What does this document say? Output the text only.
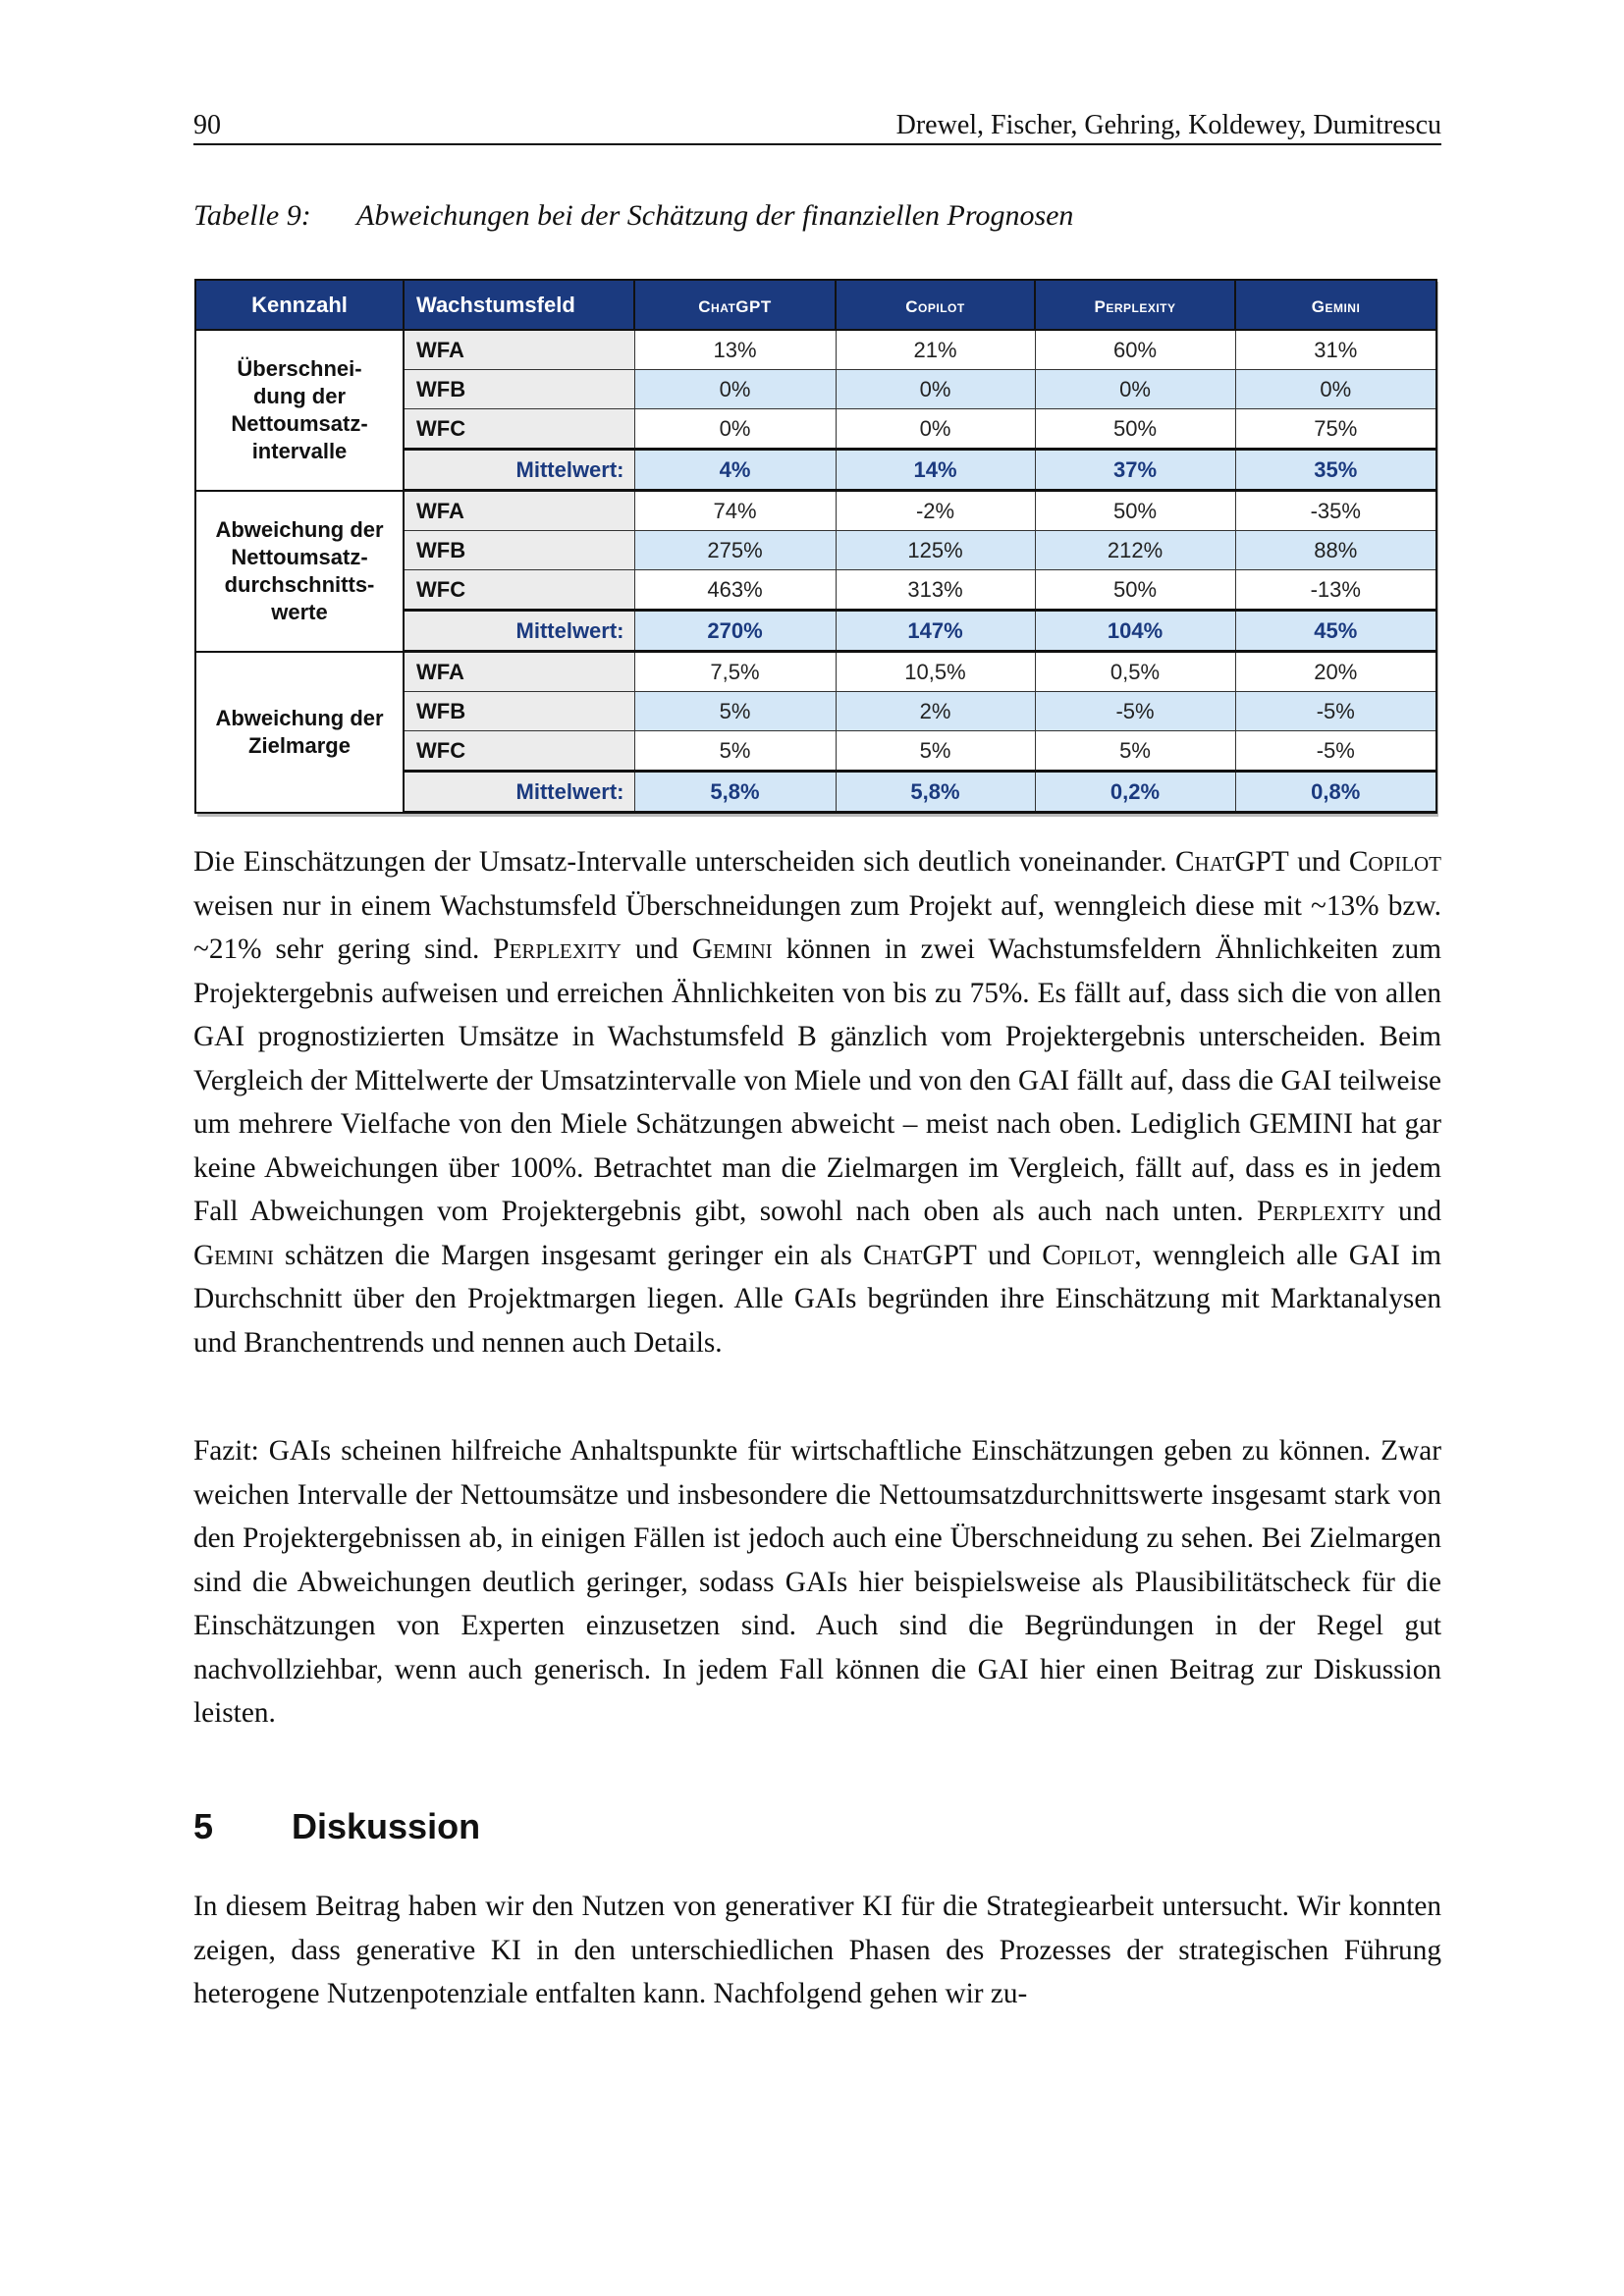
90	Drewel, Fischer, Gehring, Koldewey, Dumitrescu
Tabelle 9: Abweichungen bei der Schätzung der finanziellen Prognosen
Kennzahl	Wachstumsfeld	ChatGPT	Copilot	Perplexity	Gemini
Überschnei-
dung der
Nettoumsatz-
intervalle	WFA	13%	21%	60%	31%
	WFB	0%	0%	0%	0%
	WFC	0%	0%	50%	75%
	Mittelwert:	4%	14%	37%	35%
Abweichung der
Nettoumsatz-
durchschnitts-
werte	WFA	74%	-2%	50%	-35%
	WFB	275%	125%	212%	88%
	WFC	463%	313%	50%	-13%
	Mittelwert:	270%	147%	104%	45%
Abweichung der
Zielmarge	WFA	7,5%	10,5%	0,5%	20%
	WFB	5%	2%	-5%	-5%
	WFC	5%	5%	5%	-5%
	Mittelwert:	5,8%	5,8%	0,2%	0,8%

Die Einschätzungen der Umsatz-Intervalle unterscheiden sich deutlich voneinander. ChatGPT und Copilot weisen nur in einem Wachstumsfeld Überschneidungen zum Projekt auf, wenngleich diese mit ~13% bzw. ~21% sehr gering sind. Perplexity und Gemini können in zwei Wachstumsfeldern Ähnlichkeiten zum Projektergebnis aufweisen und erreichen Ähnlichkeiten von bis zu 75%. Es fällt auf, dass sich die von allen GAI prognostizierten Umsätze in Wachstumsfeld B gänzlich vom Projektergebnis unterscheiden. Beim Vergleich der Mittelwerte der Umsatzintervalle von Miele und von den GAI fällt auf, dass die GAI teilweise um mehrere Vielfache von den Miele Schätzungen abweicht – meist nach oben. Lediglich GEMINI hat gar keine Abweichungen über 100%. Betrachtet man die Zielmargen im Vergleich, fällt auf, dass es in jedem Fall Abweichungen vom Projektergebnis gibt, sowohl nach oben als auch nach unten. Perplexity und Gemini schätzen die Margen insgesamt geringer ein als ChatGPT und Copilot, wenngleich alle GAI im Durchschnitt über den Projektmargen liegen. Alle GAIs begründen ihre Einschätzung mit Marktanalysen und Branchentrends und nennen auch Details.

Fazit: GAIs scheinen hilfreiche Anhaltspunkte für wirtschaftliche Einschätzungen geben zu können. Zwar weichen Intervalle der Nettoumsätze und insbesondere die Nettoumsatzdurchnittswerte insgesamt stark von den Projektergebnissen ab, in einigen Fällen ist jedoch auch eine Überschneidung zu sehen. Bei Zielmargen sind die Abweichungen deutlich geringer, sodass GAIs hier beispielsweise als Plausibilitätscheck für die Einschätzungen von Experten einzusetzen sind. Auch sind die Begründungen in der Regel gut nachvollziehbar, wenn auch generisch. In jedem Fall können die GAI hier einen Beitrag zur Diskussion leisten.

5 Diskussion

In diesem Beitrag haben wir den Nutzen von generativer KI für die Strategiearbeit untersucht. Wir konnten zeigen, dass generative KI in den unterschiedlichen Phasen des Prozesses der strategischen Führung heterogene Nutzenpotenziale entfalten kann. Nachfolgend gehen wir zu-
